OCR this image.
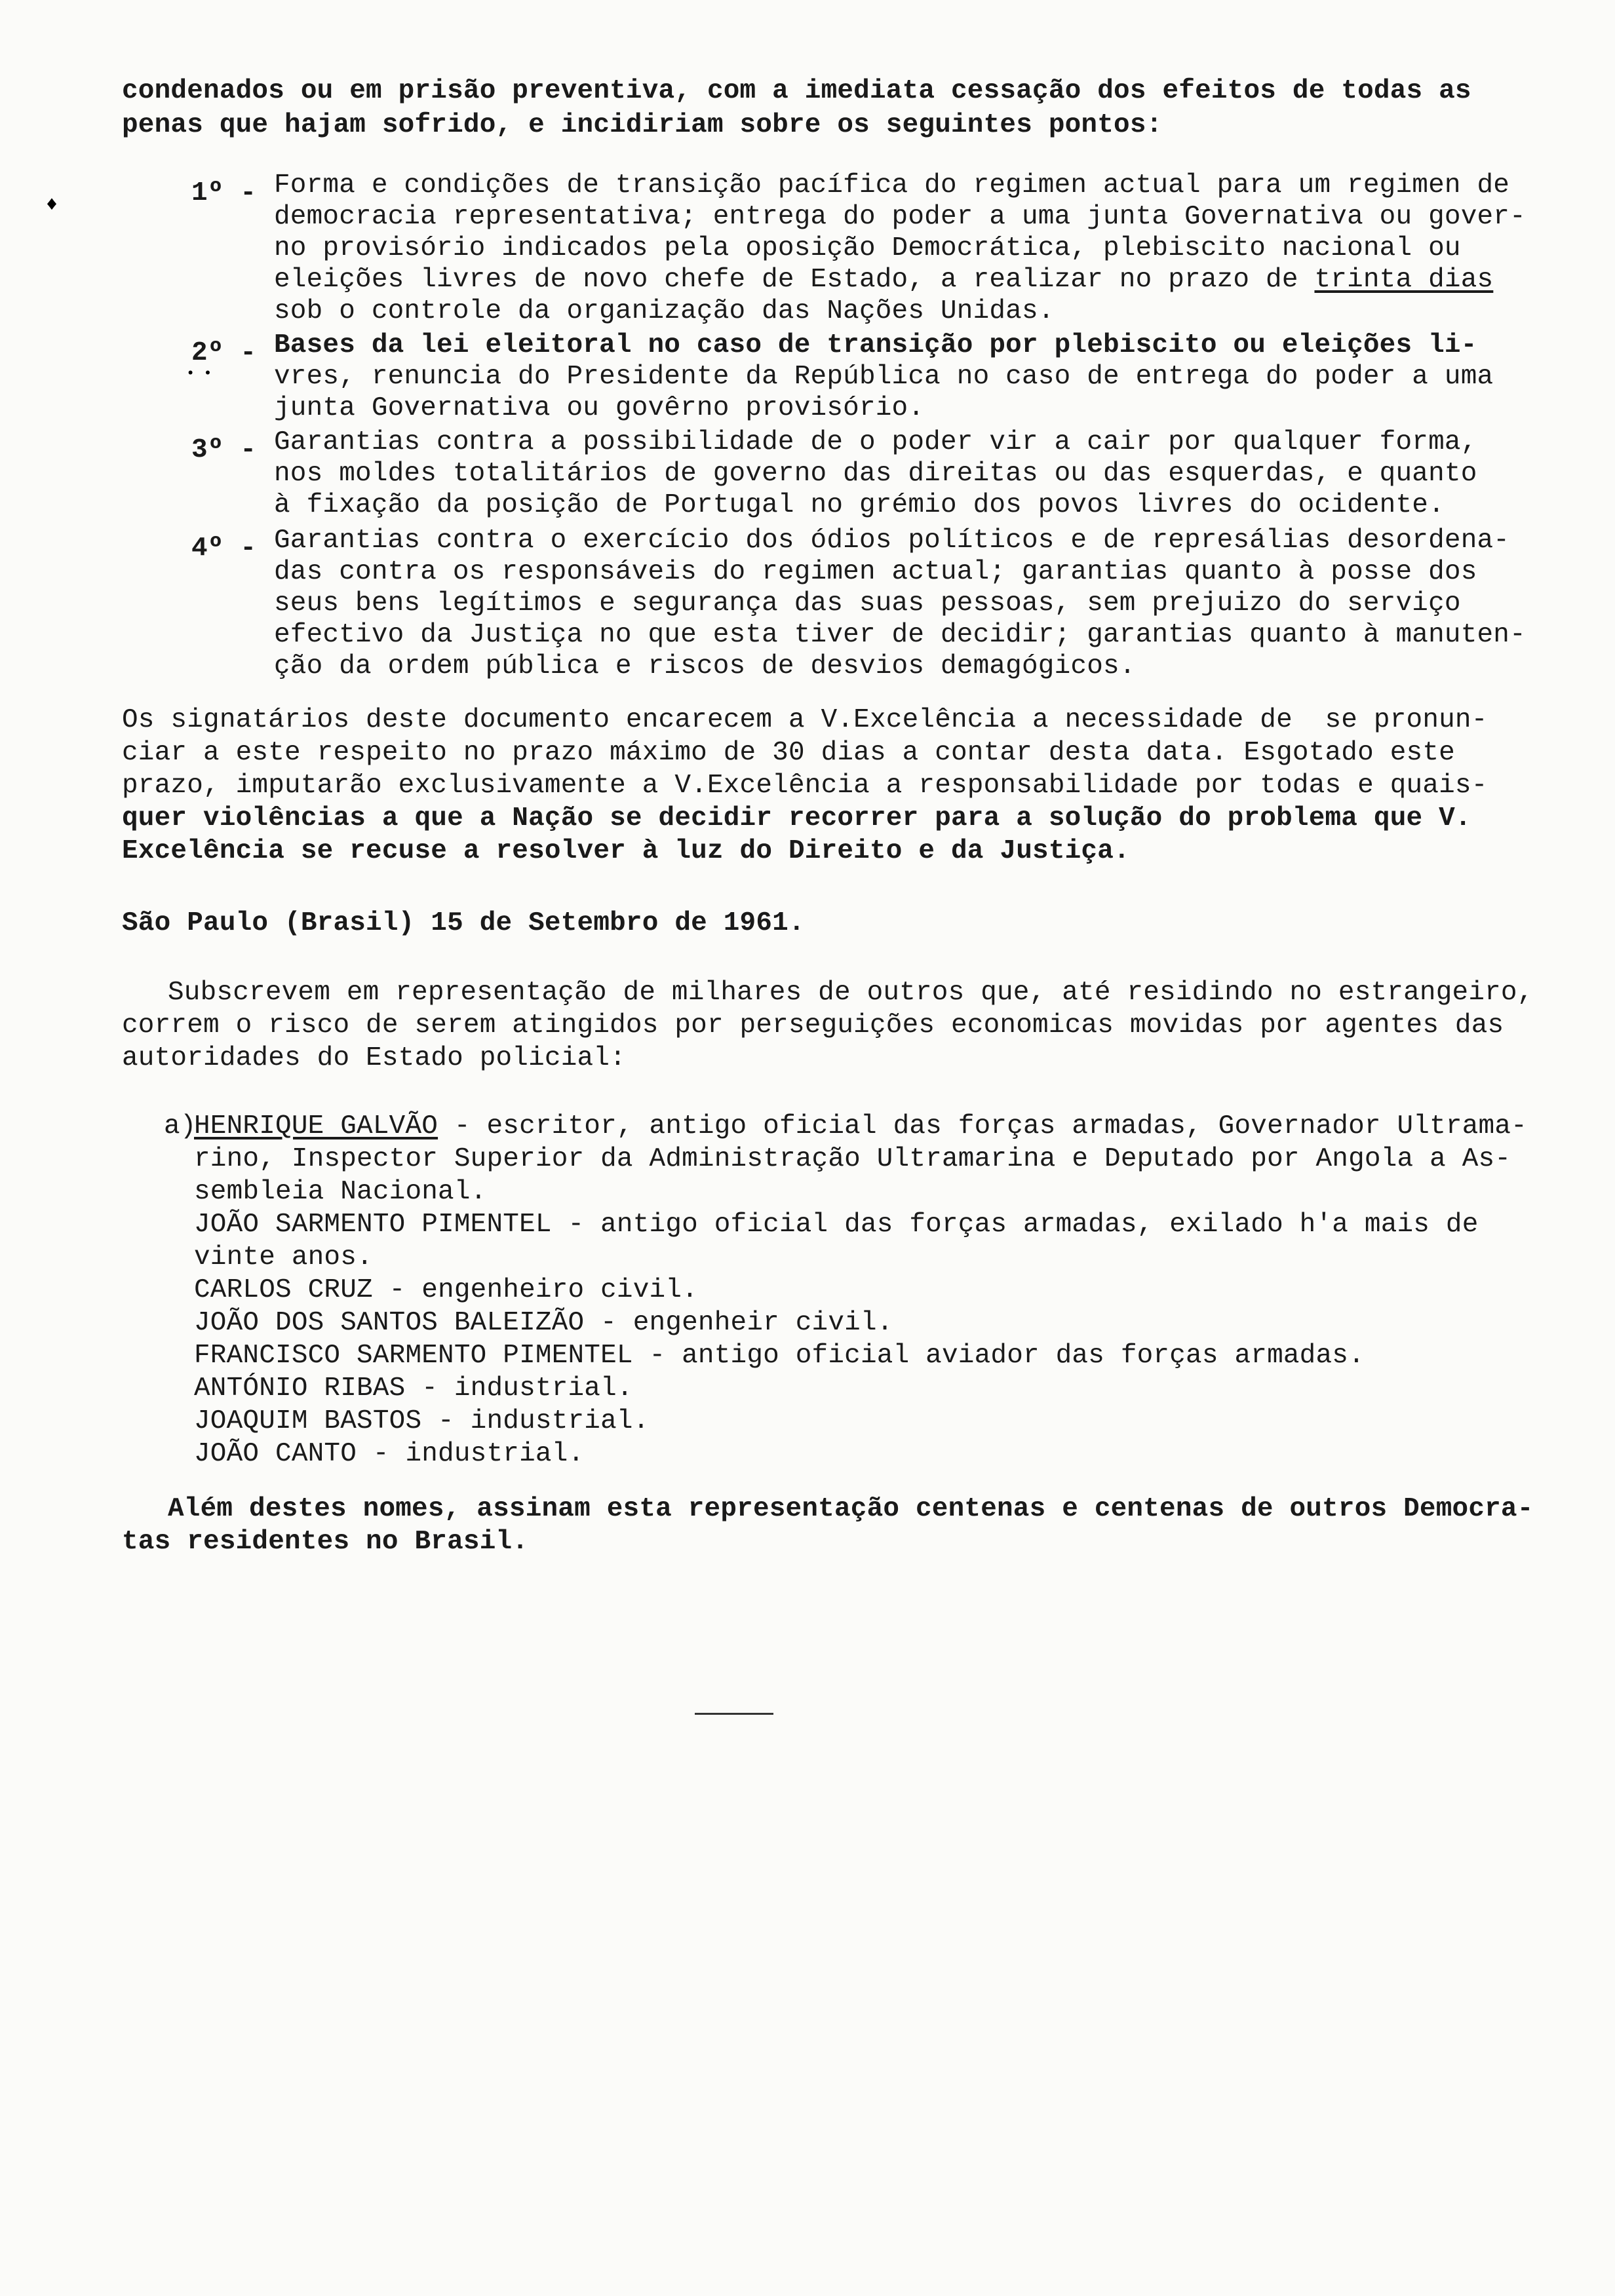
condenados ou em prisão preventiva, com a imediata cessação dos efeitos de todas as
penas que hajam sofrido, e incidiriam sobre os seguintes pontos:
1º - Forma e condições de transição pacífica do regimen actual para um regimen de
democracia representativa; entrega do poder a uma junta Governativa ou gover-
no provisório indicados pela oposição Democrática, plebiscito nacional ou
eleições livres de novo chefe de Estado, a realizar no prazo de trinta dias
sob o controle da organização das Nações Unidas.
2º - Bases da lei eleitoral no caso de transição por plebiscito ou eleições li-
vres, renuncia do Presidente da República no caso de entrega do poder a uma
junta Governativa ou govêrno provisório.
3º - Garantias contra a possibilidade de o poder vir a cair por qualquer forma,
nos moldes totalitários de governo das direitas ou das esquerdas, e quanto
à fixação da posição de Portugal no grémio dos povos livres do ocidente.
4º - Garantias contra o exercício dos ódios políticos e de represálias desordena-
das contra os responsáveis do regimen actual; garantias quanto à posse dos
seus bens legítimos e segurança das suas pessoas, sem prejuizo do serviço
efectivo da Justiça no que esta tiver de decidir; garantias quanto à manuten-
ção da ordem pública e riscos de desvios demagógicos.
Os signatários deste documento encarecem a V.Excelência a necessidade de  se pronun-
ciar a este respeito no prazo máximo de 30 dias a contar desta data. Esgotado este
prazo, imputarão exclusivamente a V.Excelência a responsabilidade por todas e quais-
quer violências a que a Nação se decidir recorrer para a solução do problema que V.
Excelência se recuse a resolver à luz do Direito e da Justiça.
São Paulo (Brasil) 15 de Setembro de 1961.
Subscrevem em representação de milhares de outros que, até residindo no estrangeiro,
correm o risco de serem atingidos por perseguições economicas movidas por agentes das
autoridades do Estado policial:
a)
HENRIQUE GALVÃO - escritor, antigo oficial das forças armadas, Governador Ultrama-
rino, Inspector Superior da Administração Ultramarina e Deputado por Angola a As-
sembleia Nacional.
JOÃO SARMENTO PIMENTEL - antigo oficial das forças armadas, exilado h'a mais de
vinte anos.
CARLOS CRUZ - engenheiro civil.
JOÃO DOS SANTOS BALEIZÃO - engenheir civil.
FRANCISCO SARMENTO PIMENTEL - antigo oficial aviador das forças armadas.
ANTÓNIO RIBAS - industrial.
JOAQUIM BASTOS - industrial.
JOÃO CANTO - industrial.
Além destes nomes, assinam esta representação centenas e centenas de outros Democra-
tas residentes no Brasil.
♦
• •
